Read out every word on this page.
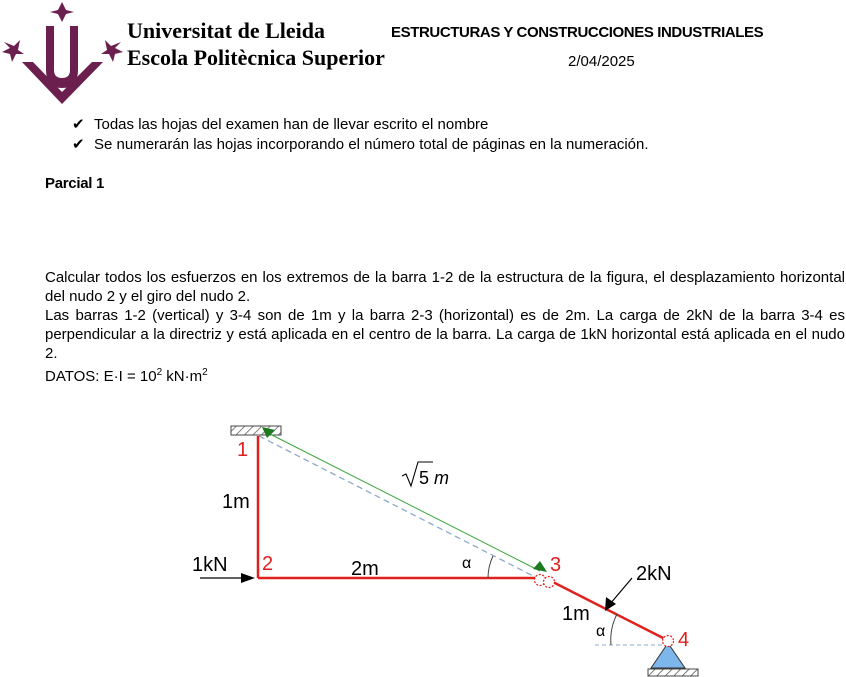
Universitat de Lleida
Escola Politècnica Superior
ESTRUCTURAS Y CONSTRUCCIONES INDUSTRIALES
2/04/2025
✔ Todas las hojas del examen han de llevar escrito el nombre
✔ Se numerarán las hojas incorporando el número total de páginas en la numeración.
Parcial 1

Calcular todos los esfuerzos en los extremos de la barra 1-2 de la estructura de la figura, el desplazamiento horizontal del nudo 2 y el giro del nudo 2.

Las barras 1-2 (vertical) y 3-4 son de 1m y la barra 2-3 (horizontal) es de 2m. La carga de 2kN de la barra 3-4 es perpendicular a la directriz y está aplicada en el centro de la barra. La carga de 1kN horizontal está aplicada en el nudo 2.

DATOS: $E\cdot I = 10^2$ $kN\cdot m^2$

1
2	3
4
1m
2m
1m
1kN	2kN
α
α
5 m
